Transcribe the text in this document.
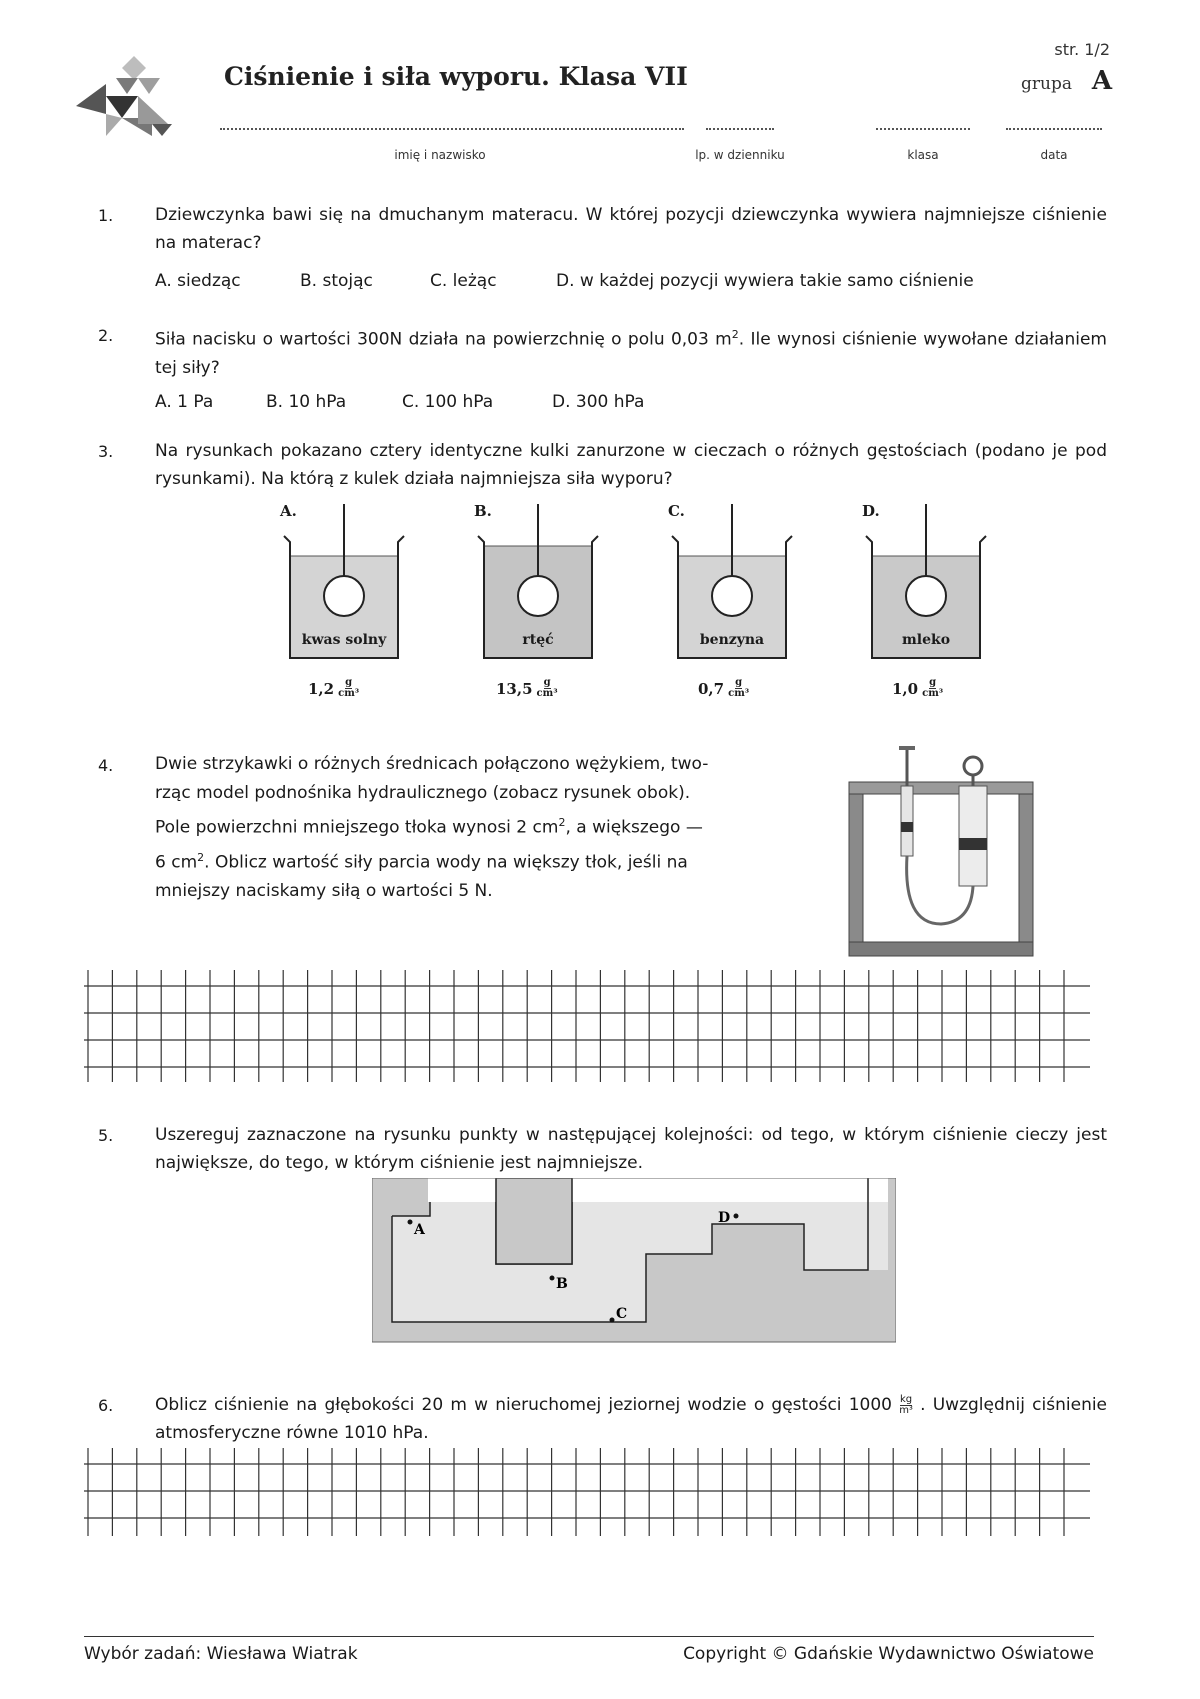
Ciśnienie i siła wyporu. Klasa VII
str. 1/2
grupa A
imię i nazwisko	lp. w dzienniku	klasa	data
1. Dziewczynka bawi się na dmuchanym materacu. W której pozycji dziewczynka wywiera najmniejsze ciśnienie na materac?
A. siedząc	B. stojąc	C. leżąc	D. w każdej pozycji wywiera takie samo ciśnienie
2. Siła nacisku o wartości 300N działa na powierzchnię o polu 0,03 $m^2$. Ile wynosi ciśnienie wywołane działaniem tej siły?
A. 1 Pa	B. 10 hPa	C. 100 hPa	D. 300 hPa
3. Na rysunkach pokazano cztery identyczne kulki zanurzone w cieczach o różnych gęstościach (podano je pod rysunkami). Na którą z kulek działa najmniejsza siła wyporu?
A.
kwas solny
$1,2 \frac{g}{\text{cm³}}$
B.
rtęć
$13,5 \frac{g}{\text{cm³}}$
C.
benzyna
$0,7 \frac{g}{\text{cm³}}$
D.
mleko
$1,0 \frac{g}{\text{cm³}}$
4. Dwie strzykawki o różnych średnicach połączono wężykiem, two-
rząc model podnośnika hydraulicznego (zobacz rysunek obok).
Pole powierzchni mniejszego tłoka wynosi 2 $cm^2$, a większego —
6 $cm^2$. Oblicz wartość siły parcia wody na większy tłok, jeśli na
mniejszy naciskamy siłą o wartości 5 N.
5. Uszereguj zaznaczone na rysunku punkty w następującej kolejności: od tego, w którym ciśnienie cieczy jest największe, do tego, w którym ciśnienie jest najmniejsze.
A
B
C
D
6. Oblicz ciśnienie na głębokości 20 m w nieruchomej jeziornej wodzie o gęstości $1000 \frac{kg}{\text{m³}}$ . Uwzględnij ciśnienie atmosferyczne równe 1010 hPa.
Wybór zadań: Wiesława Wiatrak	Copyright © Gdańskie Wydawnictwo Oświatowe
